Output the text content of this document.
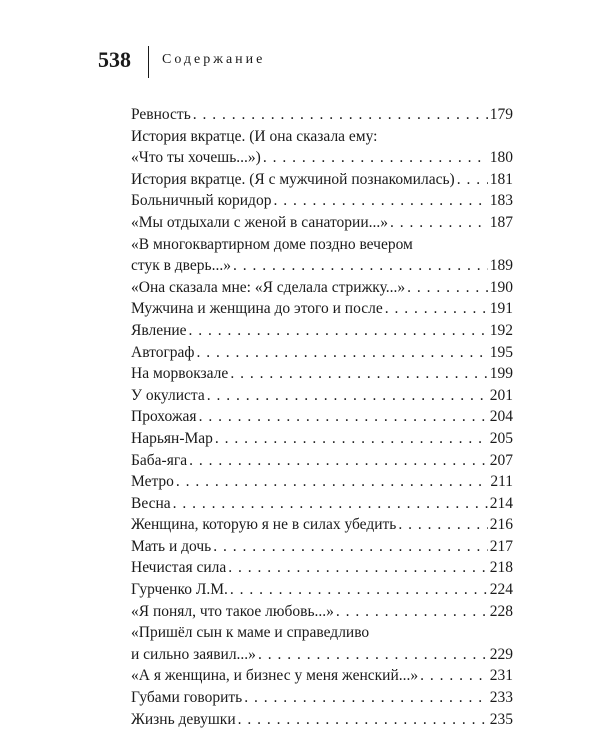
538 Содержание
Ревность . . .	179
История вкратце. (И она сказала ему:
«Что ты хочешь...») . . .	180
История вкратце. (Я с мужчиной познакомилась) . . . 181
Больничный коридор . . .	183
«Мы отдыхали с женой в санатории...» . . .	187
«В многоквартирном доме поздно вечером
стук в дверь...» . . .	189
«Она сказала мне: «Я сделала стрижку...» . . .	190
Мужчина и женщина до этого и после . . .	191
Явление . . .	192
Автограф . . .	195
На морвокзале . . .	199
У окулиста . . .	201
Прохожая . . .	204
Нарьян-Мар . . .	205
Баба-яга . . .	207
Метро . . .	211
Весна . . .	214
Женщина, которую я не в силах убедить . . .	216
Мать и дочь . . .	217
Нечистая сила . . .	218
Гурченко Л.М. . . .	224
«Я понял, что такое любовь...» . . .	228
«Пришёл сын к маме и справедливо
и сильно заявил...» . . .	229
«А я женщина, и бизнес у меня женский...» . . .	231
Губами говорить . . .	233
Жизнь девушки . . .	235
